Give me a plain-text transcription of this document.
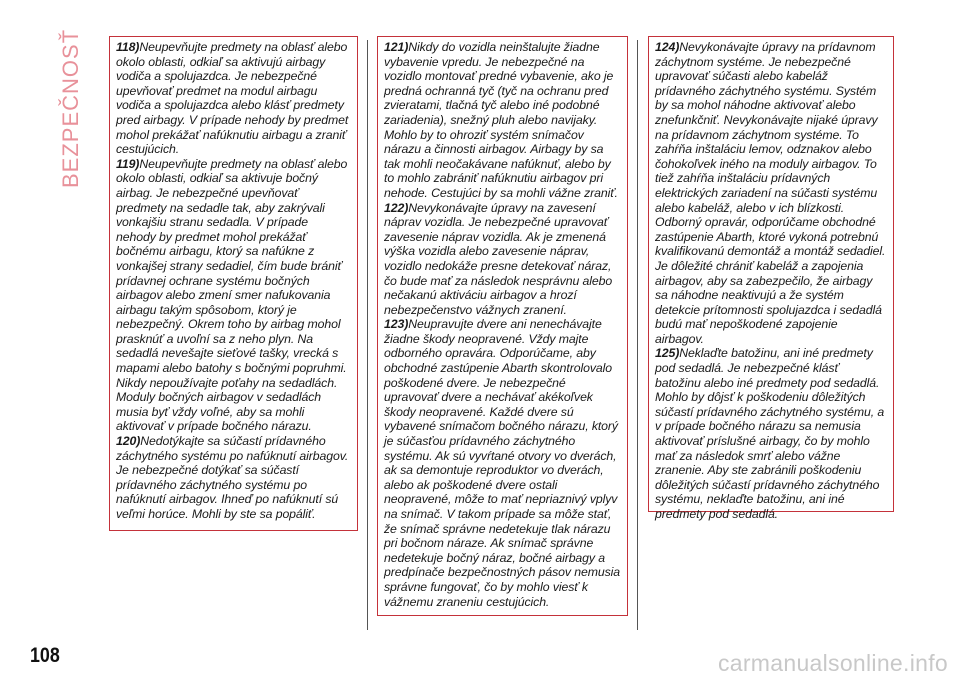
BEZPEČNOSŤ	118)Neupevňujte predmety na oblasť alebo okolo oblasti, odkiaľ sa aktivujú airbagy vodiča a spolujazdca. Je nebezpečné upevňovať predmet na modul airbagu vodiča a spolujazdca alebo klásť predmety pred airbagy. V prípade nehody by predmet mohol prekážať nafúknutiu airbagu a zraniť cestujúcich.

119)Neupevňujte predmety na oblasť alebo okolo oblasti, odkiaľ sa aktivuje bočný airbag. Je nebezpečné upevňovať predmety na sedadle tak, aby zakrývali vonkajšiu stranu sedadla. V prípade nehody by predmet mohol prekážať bočnému airbagu, ktorý sa nafúkne z vonkajšej strany sedadiel, čím bude brániť prídavnej ochrane systému bočných airbagov alebo zmení smer nafukovania airbagu takým spôsobom, ktorý je nebezpečný. Okrem toho by airbag mohol prasknúť a uvoľní sa z neho plyn. Na sedadlá nevešajte sieťové tašky, vrecká s mapami alebo batohy s bočnými popruhmi. Nikdy nepoužívajte poťahy na sedadlách. Moduly bočných airbagov v sedadlách musia byť vždy voľné, aby sa mohli aktivovať v prípade bočného nárazu.

120)Nedotýkajte sa súčastí prídavného záchytného systému po nafúknutí airbagov. Je nebezpečné dotýkať sa súčastí prídavného záchytného systému po nafúknutí airbagov. Ihneď po nafúknutí sú veľmi horúce. Mohli by ste sa popáliť.

121)Nikdy do vozidla neinštalujte žiadne vybavenie vpredu. Je nebezpečné na vozidlo montovať predné vybavenie, ako je predná ochranná tyč (tyč na ochranu pred zvieratami, tlačná tyč alebo iné podobné zariadenia), snežný pluh alebo navijaky. Mohlo by to ohroziť systém snímačov nárazu a činnosti airbagov. Airbagy by sa tak mohli neočakávane nafúknuť, alebo by to mohlo zabrániť nafúknutiu airbagov pri nehode. Cestujúci by sa mohli vážne zraniť.

122)Nevykonávajte úpravy na zavesení náprav vozidla. Je nebezpečné upravovať zavesenie náprav vozidla. Ak je zmenená výška vozidla alebo zavesenie náprav, vozidlo nedokáže presne detekovať náraz, čo bude mať za následok nesprávnu alebo nečakanú aktiváciu airbagov a hrozí nebezpečenstvo vážnych zranení.

123)Neupravujte dvere ani nenechávajte žiadne škody neopravené. Vždy majte odborného opravára. Odporúčame, aby obchodné zastúpenie Abarth skontrolovalo poškodené dvere. Je nebezpečné upravovať dvere a nechávať akékoľvek škody neopravené. Každé dvere sú vybavené snímačom bočného nárazu, ktorý je súčasťou prídavného záchytného systému. Ak sú vyvŕtané otvory vo dverách, ak sa demontuje reproduktor vo dverách, alebo ak poškodené dvere ostali neopravené, môže to mať nepriaznivý vplyv na snímač. V takom prípade sa môže stať, že snímač správne nedetekuje tlak nárazu pri bočnom náraze. Ak snímač správne nedetekuje bočný náraz, bočné airbagy a predpínače bezpečnostných pásov nemusia správne fungovať, čo by mohlo viesť k vážnemu zraneniu cestujúcich.

124)Nevykonávajte úpravy na prídavnom záchytnom systéme. Je nebezpečné upravovať súčasti alebo kabeláž prídavného záchytného systému. Systém by sa mohol náhodne aktivovať alebo znefunkčniť. Nevykonávajte nijaké úpravy na prídavnom záchytnom systéme. To zahŕňa inštaláciu lemov, odznakov alebo čohokoľvek iného na moduly airbagov. To tiež zahŕňa inštaláciu prídavných elektrických zariadení na súčasti systému alebo kabeláž, alebo v ich blízkosti. Odborný opravár, odporúčame obchodné zastúpenie Abarth, ktoré vykoná potrebnú kvalifikovanú demontáž a montáž sedadiel. Je dôležité chrániť kabeláž a zapojenia airbagov, aby sa zabezpečilo, že airbagy sa náhodne neaktivujú a že systém detekcie prítomnosti spolujazdca i sedadlá budú mať nepoškodené zapojenie airbagov.

125)Neklaďte batožinu, ani iné predmety pod sedadlá. Je nebezpečné klásť batožinu alebo iné predmety pod sedadlá. Mohlo by dôjsť k poškodeniu dôležitých súčastí prídavného záchytného systému, a v prípade bočného nárazu sa nemusia aktivovať príslušné airbagy, čo by mohlo mať za následok smrť alebo vážne zranenie. Aby ste zabránili poškodeniu dôležitých súčastí prídavného záchytného systému, neklaďte batožinu, ani iné predmety pod sedadlá.

108	carmanualsonline.info
